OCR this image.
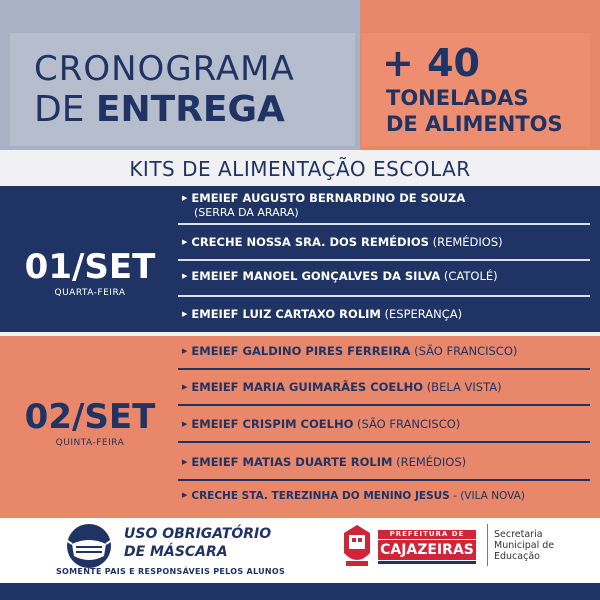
CRONOGRAMA
DE ENTREGA
+ 40
TONELADAS
DE ALIMENTOS
KITS DE ALIMENTAÇÃO ESCOLAR
01/SET
QUARTA-FEIRA
▶ EMEIEF AUGUSTO BERNARDINO DE SOUZA
(SERRA DA ARARA)
▶ CRECHE NOSSA SRA. DOS REMÉDIOS (REMÉDIOS)
▶ EMEIEF MANOEL GONÇALVES DA SILVA (CATOLÉ)
▶ EMEIEF LUIZ CARTAXO ROLIM (ESPERANÇA)
02/SET
QUINTA-FEIRA
▶ EMEIEF GALDINO PIRES FERREIRA (SÃO FRANCISCO)
▶ EMEIEF MARIA GUIMARÃES COELHO (BELA VISTA)
▶ EMEIEF CRISPIM COELHO (SÃO FRANCISCO)
▶ EMEIEF MATIAS DUARTE ROLIM (REMÉDIOS)
▶ CRECHE STA. TEREZINHA DO MENINO JESUS - (VILA NOVA)
USO OBRIGATÓRIO
DE MÁSCARA
SOMENTE PAIS E RESPONSÁVEIS PELOS ALUNOS
PREFEITURA DE
CAJAZEIRAS
Secretaria
Municipal de
Educação
